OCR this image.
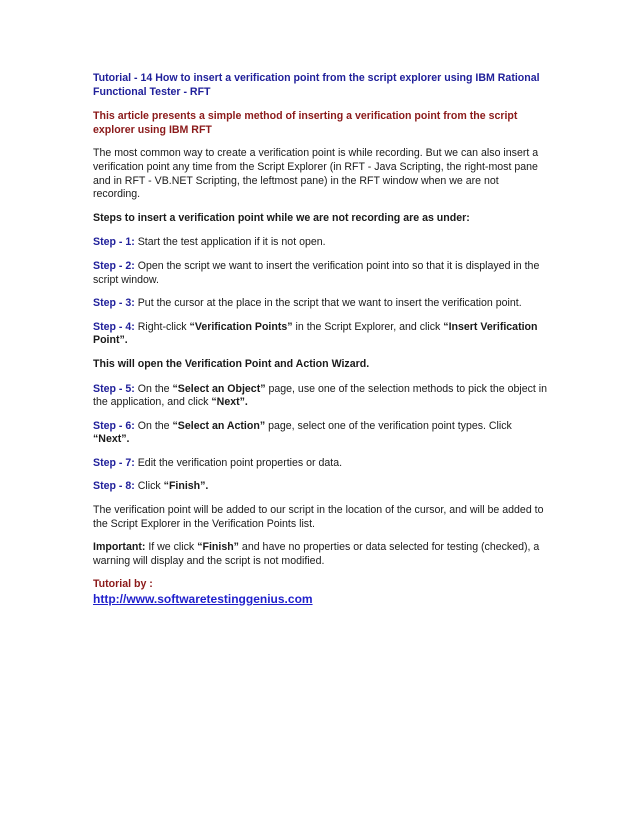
Tutorial - 14 How to insert a verification point from the script explorer using IBM Rational Functional Tester - RFT

This article presents a simple method of inserting a verification point from the script explorer using IBM RFT

The most common way to create a verification point is while recording. But we can also insert a verification point any time from the Script Explorer (in RFT - Java Scripting, the right-most pane and in RFT - VB.NET Scripting, the leftmost pane) in the RFT window when we are not recording.

Steps to insert a verification point while we are not recording are as under:

Step - 1: Start the test application if it is not open.

Step - 2: Open the script we want to insert the verification point into so that it is displayed in the script window.

Step - 3: Put the cursor at the place in the script that we want to insert the verification point.

Step - 4: Right-click “Verification Points” in the Script Explorer, and click “Insert Verification Point”.

This will open the Verification Point and Action Wizard.

Step - 5: On the “Select an Object” page, use one of the selection methods to pick the object in the application, and click “Next”.

Step - 6: On the “Select an Action” page, select one of the verification point types. Click “Next”.

Step - 7: Edit the verification point properties or data.

Step - 8: Click “Finish”.

The verification point will be added to our script in the location of the cursor, and will be added to the Script Explorer in the Verification Points list.

Important: If we click “Finish” and have no properties or data selected for testing (checked), a warning will display and the script is not modified.

Tutorial by :

http://www.softwaretestinggenius.com
